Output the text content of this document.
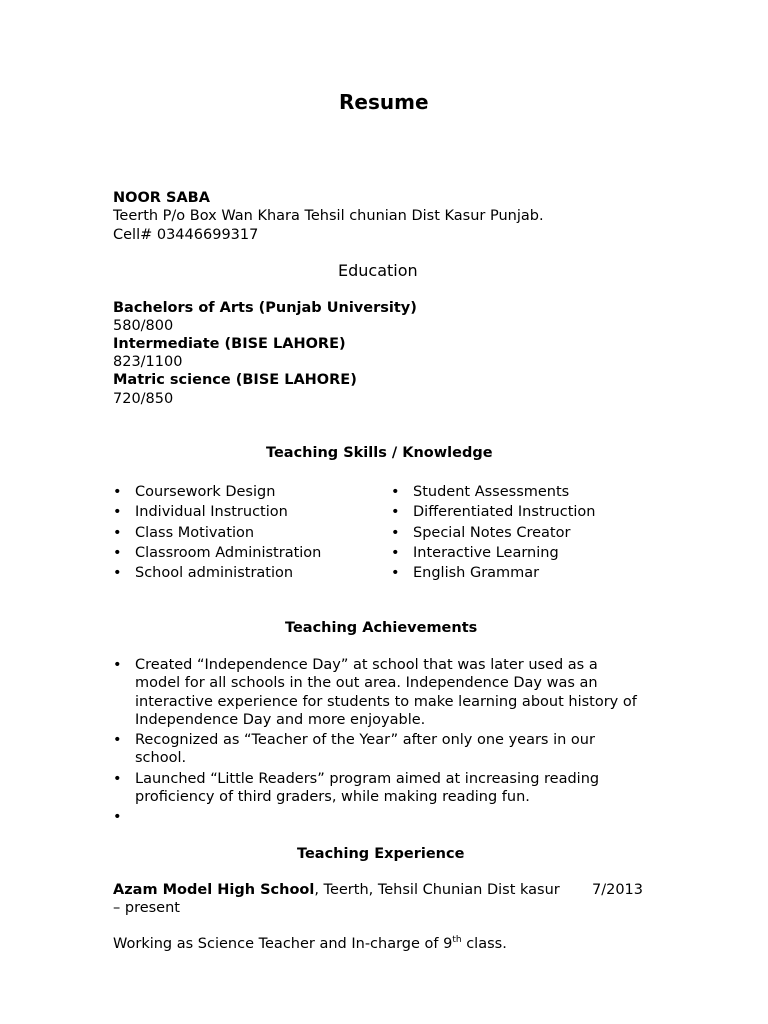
Resume
NOOR SABA
Teerth P/o Box Wan Khara Tehsil chunian Dist Kasur Punjab.
Cell# 03446699317
Education
Bachelors of Arts (Punjab University)
580/800
Intermediate (BISE LAHORE)
823/1100
Matric science (BISE LAHORE)
720/850
Teaching Skills / Knowledge
• Coursework Design
• Individual Instruction
• Class Motivation
• Classroom Administration
• School administration
• Student Assessments
• Differentiated Instruction
• Special Notes Creator
• Interactive Learning
• English Grammar
Teaching Achievements
• Created “Independence Day” at school that was later used as a model for all schools in the out area. Independence Day was an interactive experience for students to make learning about history of Independence Day and more enjoyable.
• Recognized as “Teacher of the Year” after only one years in our school.
• Launched “Little Readers” program aimed at increasing reading proficiency of third graders, while making reading fun.
•
Teaching Experience
Azam Model High School, Teerth, Tehsil Chunian Dist kasur 7/2013
– present
Working as Science Teacher and In-charge of 9th class.
